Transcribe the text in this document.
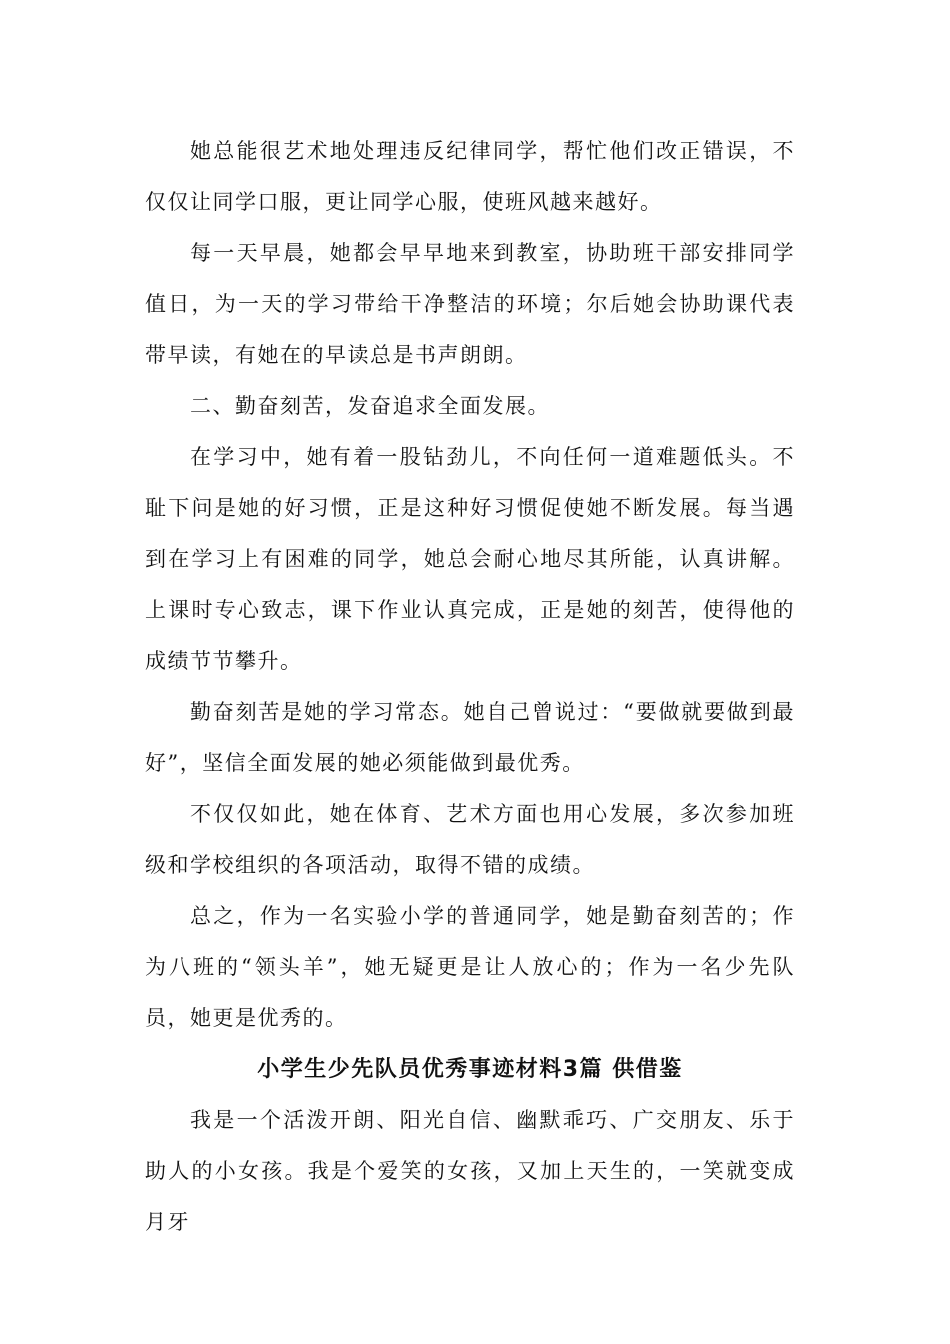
她总能很艺术地处理违反纪律同学，帮忙他们改正错误，不仅仅让同学口服，更让同学心服，使班风越来越好。

每一天早晨，她都会早早地来到教室，协助班干部安排同学值日，为一天的学习带给干净整洁的环境；尔后她会协助课代表带早读，有她在的早读总是书声朗朗。

二、勤奋刻苦，发奋追求全面发展。

在学习中，她有着一股钻劲儿，不向任何一道难题低头。不耻下问是她的好习惯，正是这种好习惯促使她不断发展。每当遇到在学习上有困难的同学，她总会耐心地尽其所能，认真讲解。上课时专心致志，课下作业认真完成，正是她的刻苦，使得他的成绩节节攀升。

勤奋刻苦是她的学习常态。她自己曾说过：“要做就要做到最好”，坚信全面发展的她必须能做到最优秀。

不仅仅如此，她在体育、艺术方面也用心发展，多次参加班级和学校组织的各项活动，取得不错的成绩。

总之，作为一名实验小学的普通同学，她是勤奋刻苦的；作为八班的“领头羊”，她无疑更是让人放心的；作为一名少先队员，她更是优秀的。

小学生少先队员优秀事迹材料3篇 供借鉴

我是一个活泼开朗、阳光自信、幽默乖巧、广交朋友、乐于助人的小女孩。我是个爱笑的女孩，又加上天生的，一笑就变成月牙
